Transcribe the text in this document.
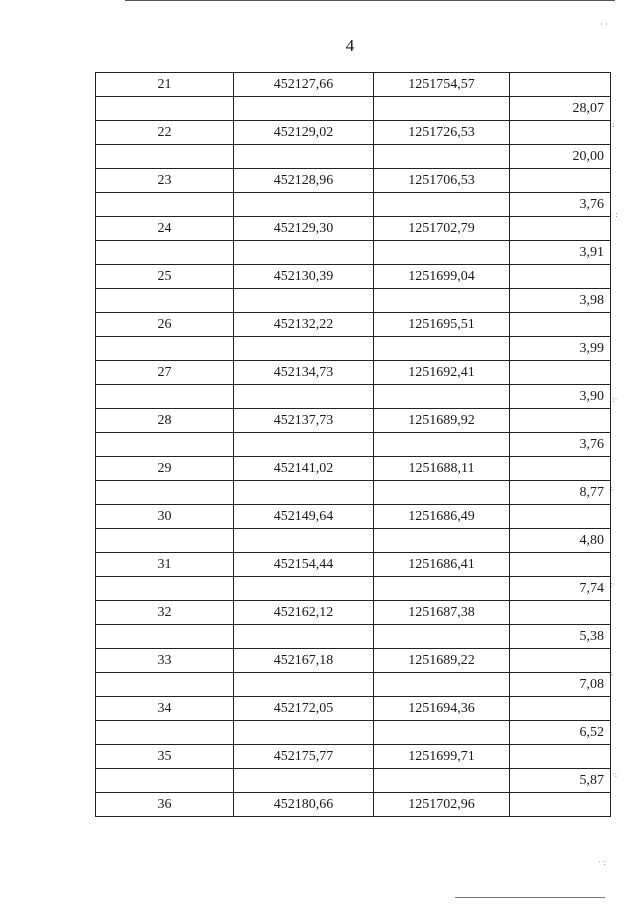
4
21	452127,66	1251754,57	
			28,07
22	452129,02	1251726,53	
			20,00
23	452128,96	1251706,53	
			3,76
24	452129,30	1251702,79	
			3,91
25	452130,39	1251699,04	
			3,98
26	452132,22	1251695,51	
			3,99
27	452134,73	1251692,41	
			3,90
28	452137,73	1251689,92	
			3,76
29	452141,02	1251688,11	
			8,77
30	452149,64	1251686,49	
			4,80
31	452154,44	1251686,41	
			7,74
32	452162,12	1251687,38	
			5,38
33	452167,18	1251689,22	
			7,08
34	452172,05	1251694,36	
			6,52
35	452175,77	1251699,71	
			5,87
36	452180,66	1251702,96	
· ·
:
· :
:·
⁘
:·
⁘
·:
· :
